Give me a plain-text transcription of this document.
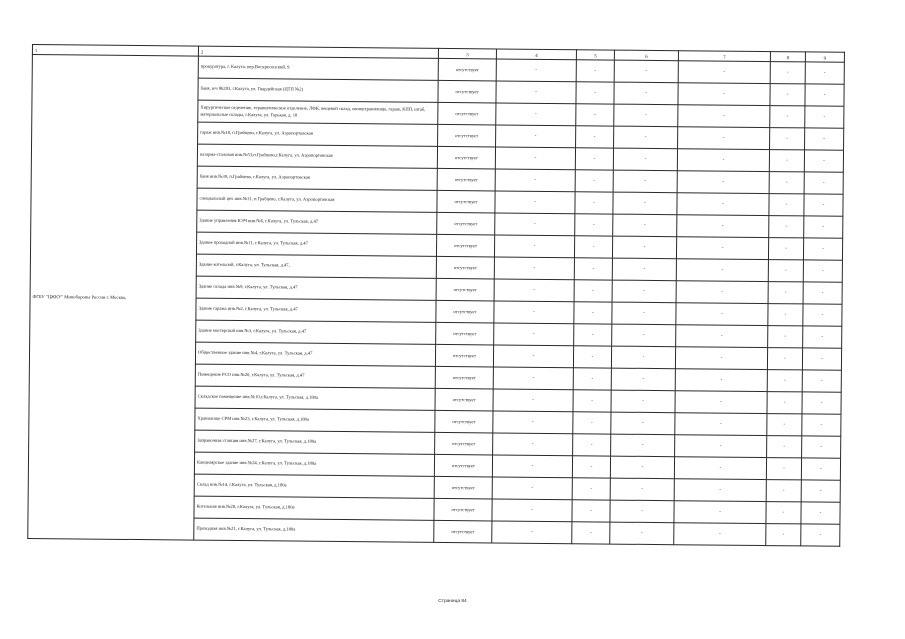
1	2	3	4	5	6	7	8	9
ФГБУ "ЦЖКУ" Минобороны России г. Москва,	прокуратура, г. Калуга, пер.Воскресенский, 9	отсутствует	-	-	-	-	-	-
	баня, в/ч 86283, г.Калуга, ул. Гвардейская (ЦТП №2)	отсутствует	-	-	-	-	-	-
	Хирургическое отделение, терапевтическое отделение, ЛФК, вещевой склад, овощехранилище, гараж, КПП, штаб, материальные склады, г.Калуга, ул. Гоpькая, д. 18	отсутствует	-	-	-	-	-	-
	гараж инв.№18, п.Грабцево, г.Калуга, ул. Аэропортовская	отсутствует	-	-	-	-	-	-
	казарма-столовая инв.№53,п.Грабцево,г.Калуга, ул. Аэропортовская	отсутствует	-	-	-	-	-	-
	баня инв.№39, п.Грабцево, г.Калуга, ул. Аэропортовская	отсутствует	-	-	-	-	-	-
	специальный цех инв.№31, п.Грабцево, г.Калуга, ул. Аэропортовская	отсутствует	-	-	-	-	-	-
	Здание управления КЭЧ инв.№6, г.Калуга, ул. Тульская, д.47	отсутствует	-	-	-	-	-	-
	Здание проходной инв.№11, г.Калуга, ул. Тульская, д.47	отсутствует	-	-	-	-	-	-
	Здание котельной, г.Калуга, ул. Тульская, д.47,	отсутствует	-	-	-	-	-	-
	Здание склада инв.№9, г.Калуга, ул. Тульская, д.47	отсутствует	-	-	-	-	-	-
	Здание гаража инв.№2, г.Калуга, ул. Тульская, д.47	отсутствует	-	-	-	-	-	-
	Здание мастерской инв.№3, г.Калуга, ул. Тульская, д.47	отсутствует	-	-	-	-	-	-
	Общественное здание инв.№4, г.Калуга, ул. Тульская, д.47	отсутствует	-	-	-	-	-	-
	Помещение РСО инв.№20, г.Калуга, ул. Тульская, д.47	отсутствует	-	-	-	-	-	-
	Складское помещение инв.№10,г.Калуга, ул. Тульская, д.180а	отсутствует	-	-	-	-	-	-
	Хранилище СРМ инв.№23, г.Калуга, ул. Тульская, д.180а	отсутствует	-	-	-	-	-	-
	Заправочная станция инв.№27, г.Калуга, ул. Тульская, д.180а	отсутствует	-	-	-	-	-	-
	Канцелярское здание инв.№24, г.Калуга, ул. Тульская, д.180а	отсутствует	-	-	-	-	-	-
	Склад инв.№14, г.Калуга, ул. Тульская, д.180а	отсутствует	-	-	-	-	-	-
	Котельная инв.№28, г.Калуга, ул. Тульская, д.180а	отсутствует	-	-	-	-	-	-
	Проходная инв.№21, г.Калуга, ул. Тульская, д.180а	отсутствует	-	-	-	-	-	-
Страница 84
